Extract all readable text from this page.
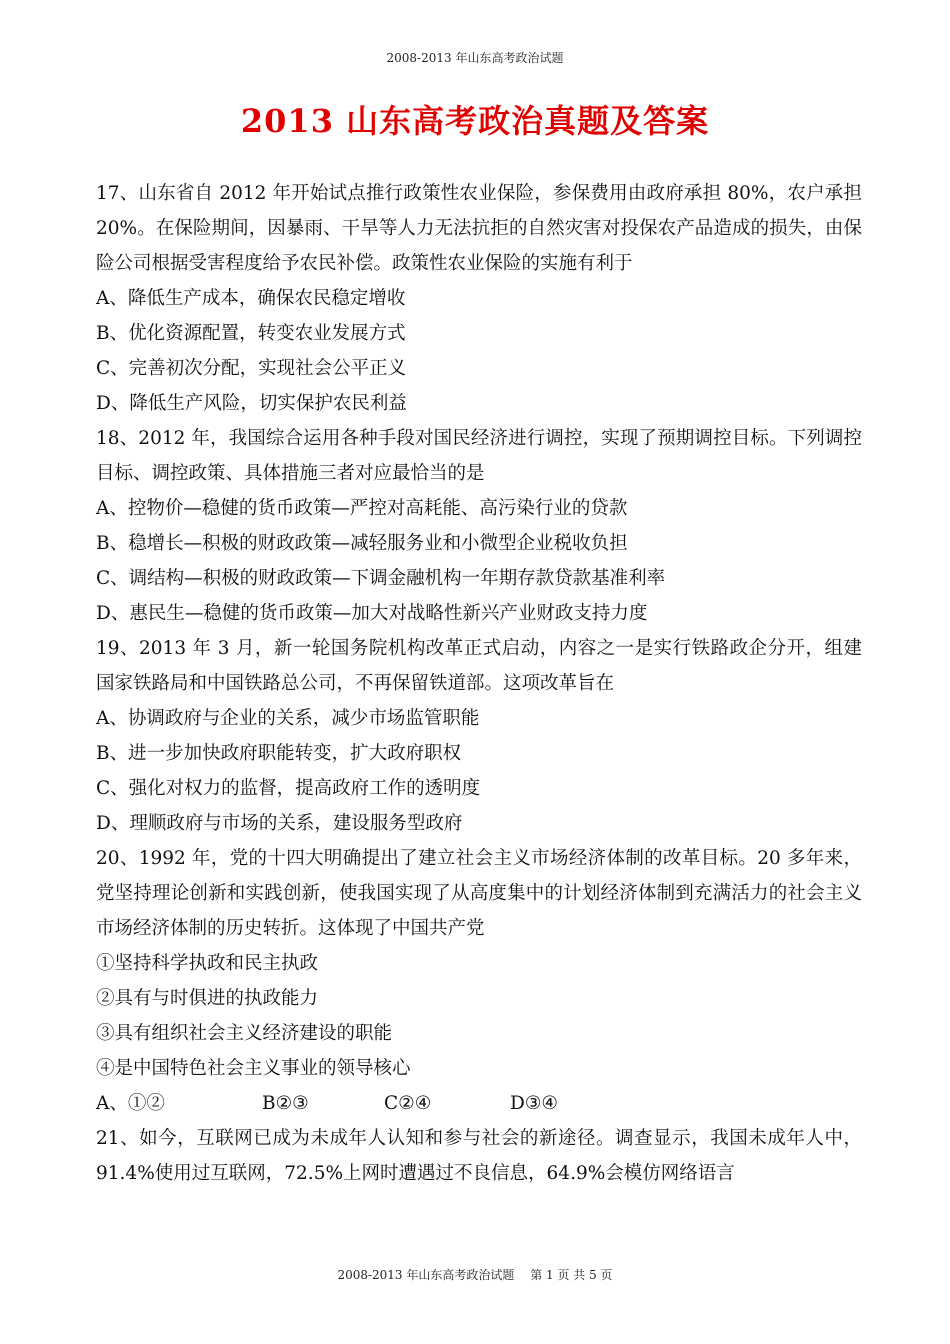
2008-2013 年山东高考政治试题
2013 山东高考政治真题及答案

17、山东省自 2012 年开始试点推行政策性农业保险，参保费用由政府承担 80%，农户承担 20%。在保险期间，因暴雨、干旱等人力无法抗拒的自然灾害对投保农产品造成的损失，由保险公司根据受害程度给予农民补偿。政策性农业保险的实施有利于

A、降低生产成本，确保农民稳定增收

B、优化资源配置，转变农业发展方式

C、完善初次分配，实现社会公平正义

D、降低生产风险，切实保护农民利益

18、2012 年，我国综合运用各种手段对国民经济进行调控，实现了预期调控目标。下列调控目标、调控政策、具体措施三者对应最恰当的是

A、控物价—稳健的货币政策—严控对高耗能、高污染行业的贷款

B、稳增长—积极的财政政策—减轻服务业和小微型企业税收负担

C、调结构—积极的财政政策—下调金融机构一年期存款贷款基准利率

D、惠民生—稳健的货币政策—加大对战略性新兴产业财政支持力度

19、2013 年 3 月，新一轮国务院机构改革正式启动，内容之一是实行铁路政企分开，组建国家铁路局和中国铁路总公司，不再保留铁道部。这项改革旨在

A、协调政府与企业的关系，减少市场监管职能

B、进一步加快政府职能转变，扩大政府职权

C、强化对权力的监督，提高政府工作的透明度

D、理顺政府与市场的关系，建设服务型政府

20、1992 年，党的十四大明确提出了建立社会主义市场经济体制的改革目标。20 多年来，党坚持理论创新和实践创新，使我国实现了从高度集中的计划经济体制到充满活力的社会主义市场经济体制的历史转折。这体现了中国共产党

①坚持科学执政和民主执政

②具有与时俱进的执政能力

③具有组织社会主义经济建设的职能

④是中国特色社会主义事业的领导核心

A、①②	B②③	C②④	D③④

21、如今，互联网已成为未成年人认知和参与社会的新途径。调查显示，我国未成年人中，91.4%使用过互联网，72.5%上网时遭遇过不良信息，64.9%会模仿网络语言

2008-2013 年山东高考政治试题　 第 1 页 共 5 页
